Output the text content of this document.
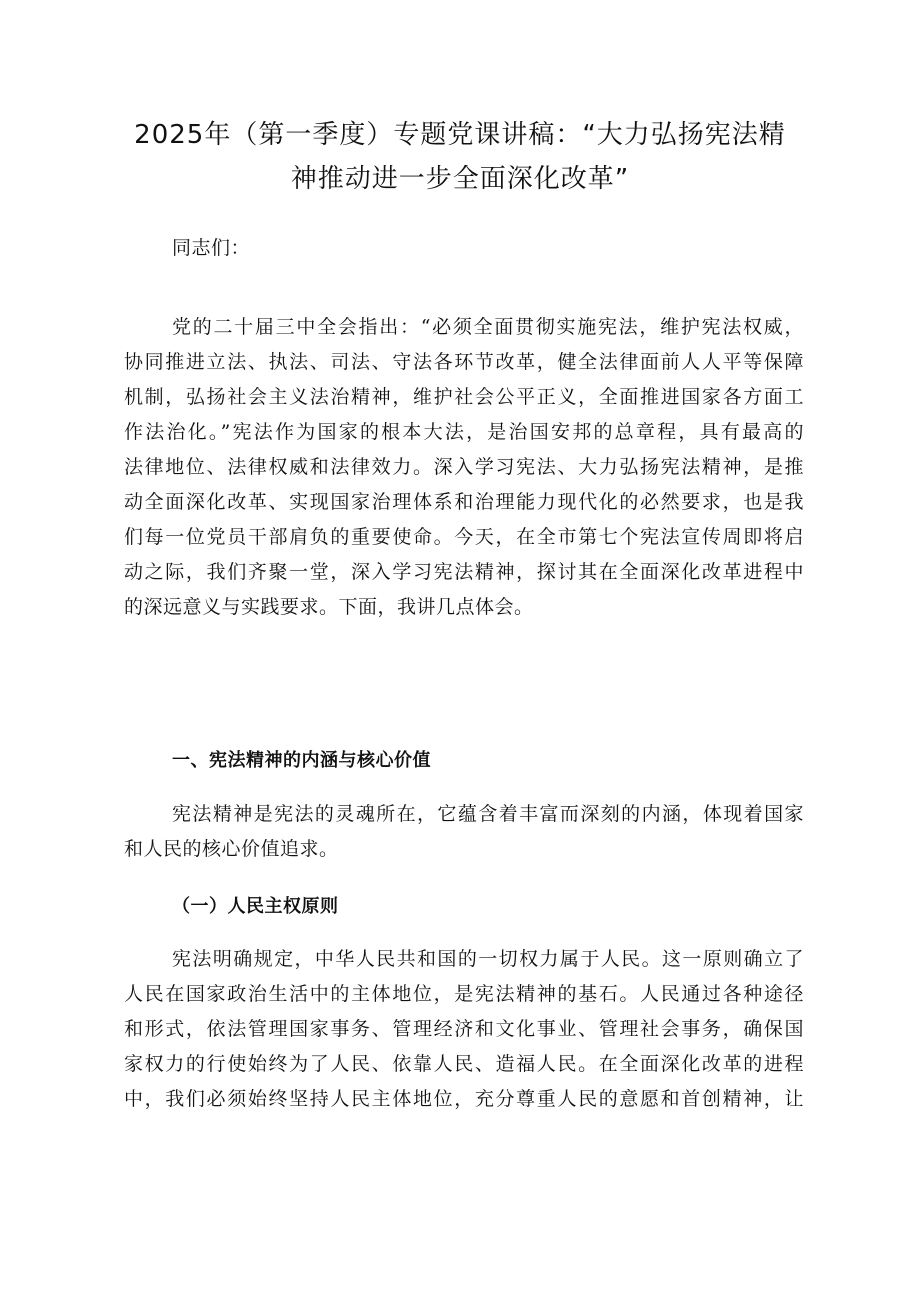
2025年（第一季度）专题党课讲稿：“大力弘扬宪法精
神推动进一步全面深化改革”
同志们：
党的二十届三中全会指出：“必须全面贯彻实施宪法，维护宪法权威，
协同推进立法、执法、司法、守法各环节改革，健全法律面前人人平等保障
机制，弘扬社会主义法治精神，维护社会公平正义，全面推进国家各方面工
作法治化。”宪法作为国家的根本大法，是治国安邦的总章程，具有最高的
法律地位、法律权威和法律效力。深入学习宪法、大力弘扬宪法精神，是推
动全面深化改革、实现国家治理体系和治理能力现代化的必然要求，也是我
们每一位党员干部肩负的重要使命。今天，在全市第七个宪法宣传周即将启
动之际，我们齐聚一堂，深入学习宪法精神，探讨其在全面深化改革进程中
的深远意义与实践要求。下面，我讲几点体会。
一、宪法精神的内涵与核心价值
宪法精神是宪法的灵魂所在，它蕴含着丰富而深刻的内涵，体现着国家
和人民的核心价值追求。
（一）人民主权原则
宪法明确规定，中华人民共和国的一切权力属于人民。这一原则确立了
人民在国家政治生活中的主体地位，是宪法精神的基石。人民通过各种途径
和形式，依法管理国家事务、管理经济和文化事业、管理社会事务，确保国
家权力的行使始终为了人民、依靠人民、造福人民。在全面深化改革的进程
中，我们必须始终坚持人民主体地位，充分尊重人民的意愿和首创精神，让
